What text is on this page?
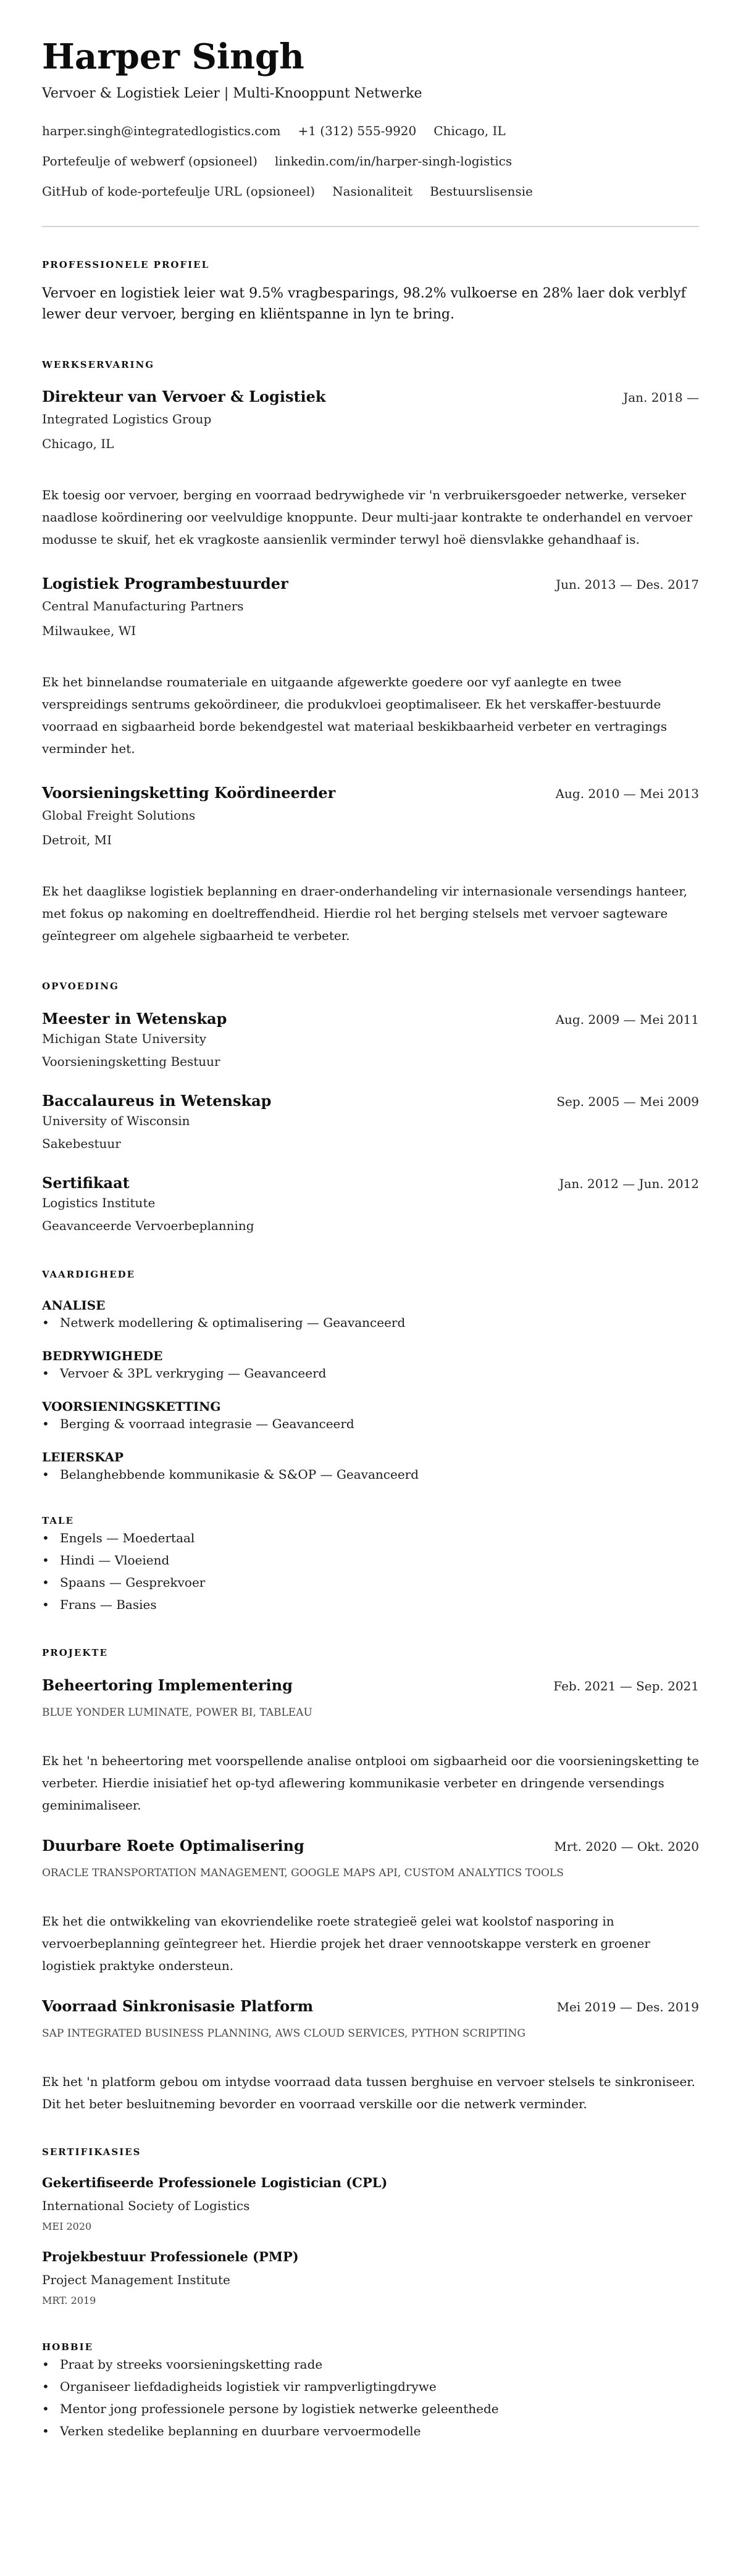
Harper Singh
Vervoer & Logistiek Leier | Multi-Knooppunt Netwerke
harper.singh@integratedlogistics.com +1 (312) 555-9920 Chicago, IL
Portefeulje of webwerf (opsioneel) linkedin.com/in/harper-singh-logistics
GitHub of kode-portefeulje URL (opsioneel) Nasionaliteit Bestuurslisensie
PROFESSIONELE PROFIEL
Vervoer en logistiek leier wat 9.5% vragbesparings, 98.2% vulkoerse en 28% laer dok verblyf lewer deur vervoer, berging en kliëntspanne in lyn te bring.
WERKSERVARING
Direkteur van Vervoer & Logistiek	Jan. 2018 —
Integrated Logistics Group
Chicago, IL
Ek toesig oor vervoer, berging en voorraad bedrywighede vir 'n verbruikersgoeder netwerke, verseker naadlose koördinering oor veelvuldige knoppunte. Deur multi-jaar kontrakte te onderhandel en vervoer modusse te skuif, het ek vragkoste aansienlik verminder terwyl hoë diensvlakke gehandhaaf is.
Logistiek Programbestuurder	Jun. 2013 — Des. 2017
Central Manufacturing Partners
Milwaukee, WI
Ek het binnelandse roumateriale en uitgaande afgewerkte goedere oor vyf aanlegte en twee verspreidings sentrums gekoördineer, die produkvloei geoptimaliseer. Ek het verskaffer-bestuurde voorraad en sigbaarheid borde bekendgestel wat materiaal beskikbaarheid verbeter en vertragings verminder het.
Voorsieningsketting Koördineerder	Aug. 2010 — Mei 2013
Global Freight Solutions
Detroit, MI
Ek het daaglikse logistiek beplanning en draer-onderhandeling vir internasionale versendings hanteer, met fokus op nakoming en doeltreffendheid. Hierdie rol het berging stelsels met vervoer sagteware geïntegreer om algehele sigbaarheid te verbeter.
OPVOEDING
Meester in Wetenskap	Aug. 2009 — Mei 2011
Michigan State University
Voorsieningsketting Bestuur
Baccalaureus in Wetenskap	Sep. 2005 — Mei 2009
University of Wisconsin
Sakebestuur
Sertifikaat	Jan. 2012 — Jun. 2012
Logistics Institute
Geavanceerde Vervoerbeplanning
VAARDIGHEDE
ANALISE
• Netwerk modellering & optimalisering — Geavanceerd
BEDRYWIGHEDE
• Vervoer & 3PL verkryging — Geavanceerd
VOORSIENINGSKETTING
• Berging & voorraad integrasie — Geavanceerd
LEIERSKAP
• Belanghebbende kommunikasie & S&OP — Geavanceerd
TALE
• Engels — Moedertaal
• Hindi — Vloeiend
• Spaans — Gesprekvoer
• Frans — Basies
PROJEKTE
Beheertoring Implementering	Feb. 2021 — Sep. 2021
BLUE YONDER LUMINATE, POWER BI, TABLEAU
Ek het 'n beheertoring met voorspellende analise ontplooi om sigbaarheid oor die voorsieningsketting te verbeter. Hierdie inisiatief het op-tyd aflewering kommunikasie verbeter en dringende versendings geminimaliseer.
Duurbare Roete Optimalisering	Mrt. 2020 — Okt. 2020
ORACLE TRANSPORTATION MANAGEMENT, GOOGLE MAPS API, CUSTOM ANALYTICS TOOLS
Ek het die ontwikkeling van ekovriendelike roete strategieë gelei wat koolstof nasporing in vervoerbeplanning geïntegreer het. Hierdie projek het draer vennootskappe versterk en groener logistiek praktyke ondersteun.
Voorraad Sinkronisasie Platform	Mei 2019 — Des. 2019
SAP INTEGRATED BUSINESS PLANNING, AWS CLOUD SERVICES, PYTHON SCRIPTING
Ek het 'n platform gebou om intydse voorraad data tussen berghuise en vervoer stelsels te sinkroniseer. Dit het beter besluitneming bevorder en voorraad verskille oor die netwerk verminder.
SERTIFIKASIES
Gekertifiseerde Professionele Logistician (CPL)
International Society of Logistics
MEI 2020
Projekbestuur Professionele (PMP)
Project Management Institute
MRT. 2019
HOBBIE
• Praat by streeks voorsieningsketting rade
• Organiseer liefdadigheids logistiek vir rampverligtingdrywe
• Mentor jong professionele persone by logistiek netwerke geleenthede
• Verken stedelike beplanning en duurbare vervoermodelle
